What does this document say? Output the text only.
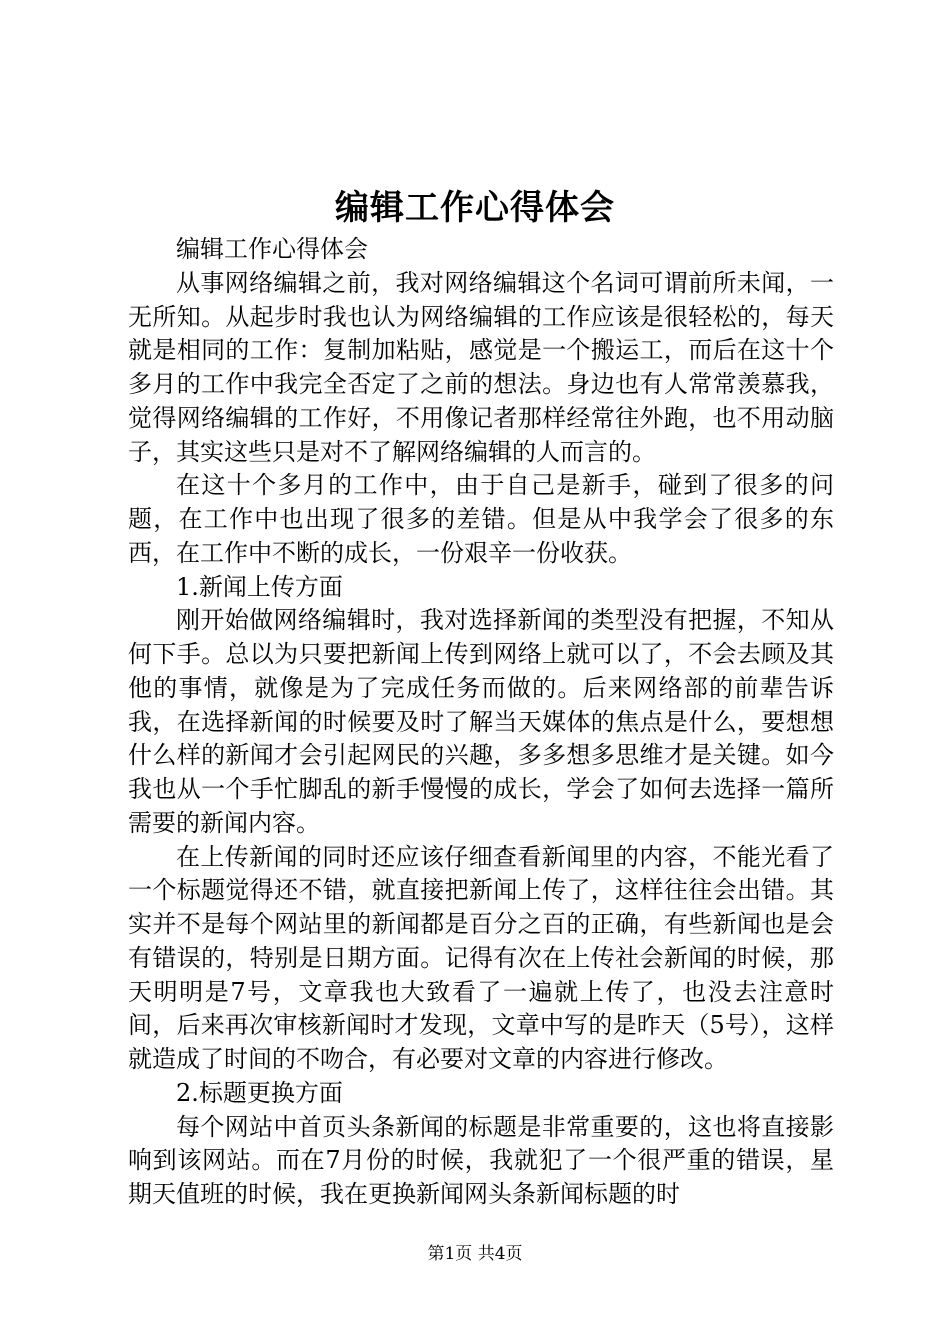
编辑工作心得体会

编辑工作心得体会

从事网络编辑之前，我对网络编辑这个名词可谓前所未闻，一无所知。从起步时我也认为网络编辑的工作应该是很轻松的，每天就是相同的工作：复制加粘贴，感觉是一个搬运工，而后在这十个多月的工作中我完全否定了之前的想法。身边也有人常常羡慕我，觉得网络编辑的工作好，不用像记者那样经常往外跑，也不用动脑子，其实这些只是对不了解网络编辑的人而言的。

在这十个多月的工作中，由于自己是新手，碰到了很多的问题，在工作中也出现了很多的差错。但是从中我学会了很多的东西，在工作中不断的成长，一份艰辛一份收获。

1.新闻上传方面

刚开始做网络编辑时，我对选择新闻的类型没有把握，不知从何下手。总以为只要把新闻上传到网络上就可以了，不会去顾及其他的事情，就像是为了完成任务而做的。后来网络部的前辈告诉我，在选择新闻的时候要及时了解当天媒体的焦点是什么，要想想什么样的新闻才会引起网民的兴趣，多多想多思维才是关键。如今我也从一个手忙脚乱的新手慢慢的成长，学会了如何去选择一篇所需要的新闻内容。

在上传新闻的同时还应该仔细查看新闻里的内容，不能光看了一个标题觉得还不错，就直接把新闻上传了，这样往往会出错。其实并不是每个网站里的新闻都是百分之百的正确，有些新闻也是会有错误的，特别是日期方面。记得有次在上传社会新闻的时候，那天明明是7号，文章我也大致看了一遍就上传了，也没去注意时间，后来再次审核新闻时才发现，文章中写的是昨天（5号），这样就造成了时间的不吻合，有必要对文章的内容进行修改。

2.标题更换方面

每个网站中首页头条新闻的标题是非常重要的，这也将直接影响到该网站。而在7月份的时候，我就犯了一个很严重的错误，星期天值班的时候，我在更换新闻网头条新闻标题的时

第1页 共4页
